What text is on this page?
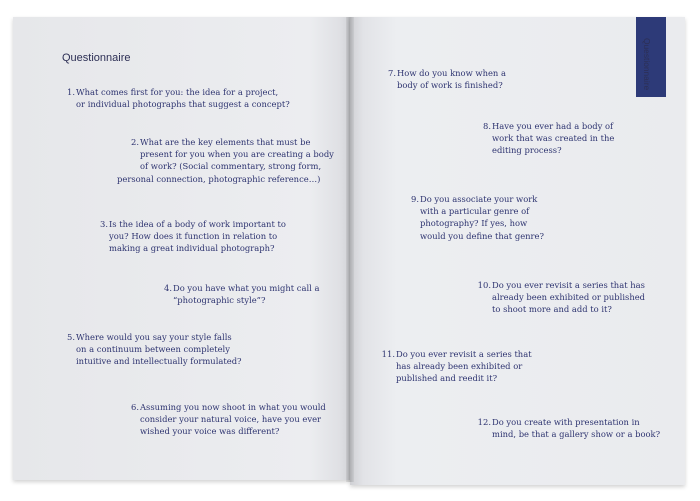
Questionnaire
Questionnaire
1. What comes first for you: the idea for a project,
or individual photographs that suggest a concept?
2. What are the key elements that must be
present for you when you are creating a body
of work? (Social commentary, strong form,
personal connection, photographic reference…)
3. Is the idea of a body of work important to
you? How does it function in relation to
making a great individual photograph?
4. Do you have what you might call a
“photographic style”?
5. Where would you say your style falls
on a continuum between completely
intuitive and intellectually formulated?
6. Assuming you now shoot in what you would
consider your natural voice, have you ever
wished your voice was different?
7. How do you know when a
body of work is finished?
8. Have you ever had a body of
work that was created in the
editing process?
9. Do you associate your work
with a particular genre of
photography? If yes, how
would you define that genre?
10. Do you ever revisit a series that has
already been exhibited or published
to shoot more and add to it?
11. Do you ever revisit a series that
has already been exhibited or
published and reedit it?
12. Do you create with presentation in
mind, be that a gallery show or a book?
